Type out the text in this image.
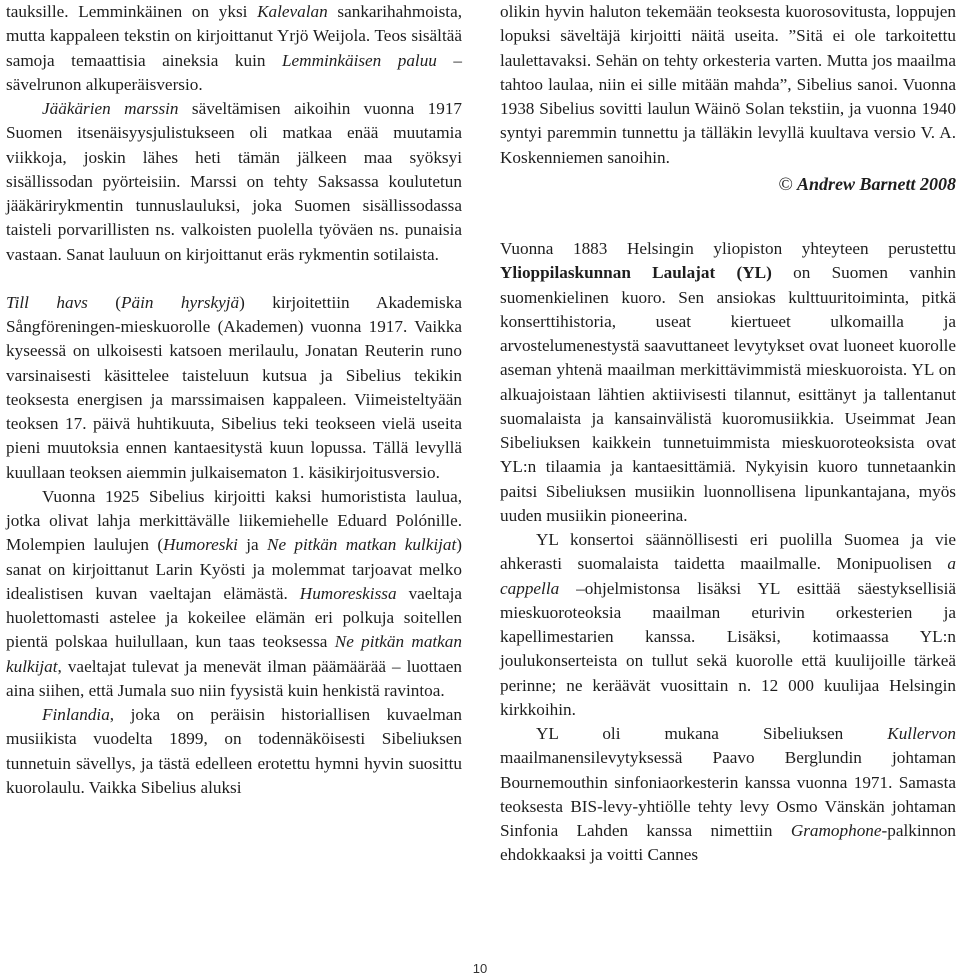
tauksille. Lemminkäinen on yksi Kalevalan sankarihahmoista, mutta kappaleen tekstin on kirjoittanut Yrjö Weijola. Teos sisältää samoja temaattisia aineksia kuin Lemminkäisen paluu –sävelrunon alkuperäisversio.

Jääkärien marssin säveltämisen aikoihin vuonna 1917 Suomen itsenäisyysjulistukseen oli matkaa enää muutamia viikkoja, joskin lähes heti tämän jälkeen maa syöksyi sisällissodan pyörteisiin. Marssi on tehty Saksassa koulutetun jääkärirykmentin tunnuslauluksi, joka Suomen sisällissodassa taisteli porvarillisten ns. valkoisten puolella työväen ns. punaisia vastaan. Sanat lauluun on kirjoittanut eräs rykmentin sotilaista.

Till havs (Päin hyrskyjä) kirjoitettiin Akademiska Sångföreningen-mieskuorolle (Akademen) vuonna 1917. Vaikka kyseessä on ulkoisesti katsoen merilaulu, Jonatan Reuterin runo varsinaisesti käsittelee taisteluun kutsua ja Sibelius tekikin teoksesta energisen ja marssimaisen kappaleen. Viimeisteltyään teoksen 17. päivä huhtikuuta, Sibelius teki teokseen vielä useita pieni muutoksia ennen kantaesitystä kuun lopussa. Tällä levyllä kuullaan teoksen aiemmin julkaisematon 1. käsikirjoitusversio.

Vuonna 1925 Sibelius kirjoitti kaksi humoristista laulua, jotka olivat lahja merkittävälle liikemiehelle Eduard Polónille. Molempien laulujen (Humoreski ja Ne pitkän matkan kulkijat) sanat on kirjoittanut Larin Kyösti ja molemmat tarjoavat melko idealistisen kuvan vaeltajan elämästä. Humoreskissa vaeltaja huolettomasti astelee ja kokeilee elämän eri polkuja soitellen pientä polskaa huilullaan, kun taas teoksessa Ne pitkän matkan kulkijat, vaeltajat tulevat ja menevät ilman päämäärää – luottaen aina siihen, että Jumala suo niin fyysistä kuin henkistä ravintoa.

Finlandia, joka on peräisin historiallisen kuvaelman musiikista vuodelta 1899, on todennäköisesti Sibeliuksen tunnetuin sävellys, ja tästä edelleen erotettu hymni hyvin suosittu kuorolaulu. Vaikka Sibelius aluksi

olikin hyvin haluton tekemään teoksesta kuorosovitusta, loppujen lopuksi säveltäjä kirjoitti näitä useita. ”Sitä ei ole tarkoitettu laulettavaksi. Sehän on tehty orkesteria varten. Mutta jos maailma tahtoo laulaa, niin ei sille mitään mahda”, Sibelius sanoi. Vuonna 1938 Sibelius sovitti laulun Wäinö Solan tekstiin, ja vuonna 1940 syntyi paremmin tunnettu ja tälläkin levyllä kuultava versio V. A. Koskenniemen sanoihin.

© Andrew Barnett 2008

Vuonna 1883 Helsingin yliopiston yhteyteen perustettu Ylioppilaskunnan Laulajat (YL) on Suomen vanhin suomenkielinen kuoro. Sen ansiokas kulttuuritoiminta, pitkä konserttihistoria, useat kiertueet ulkomailla ja arvostelumenestystä saavuttaneet levytykset ovat luoneet kuorolle aseman yhtenä maailman merkittävimmistä mieskuoroista. YL on alkuajoistaan lähtien aktiivisesti tilannut, esittänyt ja tallentanut suomalaista ja kansainvälistä kuoromusiikkia. Useimmat Jean Sibeliuksen kaikkein tunnetuimmista mieskuoroteoksista ovat YL:n tilaamia ja kantaesittämiä. Nykyisin kuoro tunnetaankin paitsi Sibeliuksen musiikin luonnollisena lipunkantajana, myös uuden musiikin pioneerina.

YL konsertoi säännöllisesti eri puolilla Suomea ja vie ahkerasti suomalaista taidetta maailmalle. Monipuolisen a cappella –ohjelmistonsa lisäksi YL esittää säestyksellisiä mieskuoroteoksia maailman eturivin orkesterien ja kapellimestarien kanssa. Lisäksi, kotimaassa YL:n joulukonserteista on tullut sekä kuorolle että kuulijoille tärkeä perinne; ne keräävät vuosittain n. 12 000 kuulijaa Helsingin kirkkoihin.

YL oli mukana Sibeliuksen Kullervon maailmanensilevytyksessä Paavo Berglundin johtaman Bournemouthin sinfoniaorkesterin kanssa vuonna 1971. Samasta teoksesta BIS-levy-yhtiölle tehty levy Osmo Vänskän johtaman Sinfonia Lahden kanssa nimettiin Gramophone-palkinnon ehdokkaaksi ja voitti Cannes

10
